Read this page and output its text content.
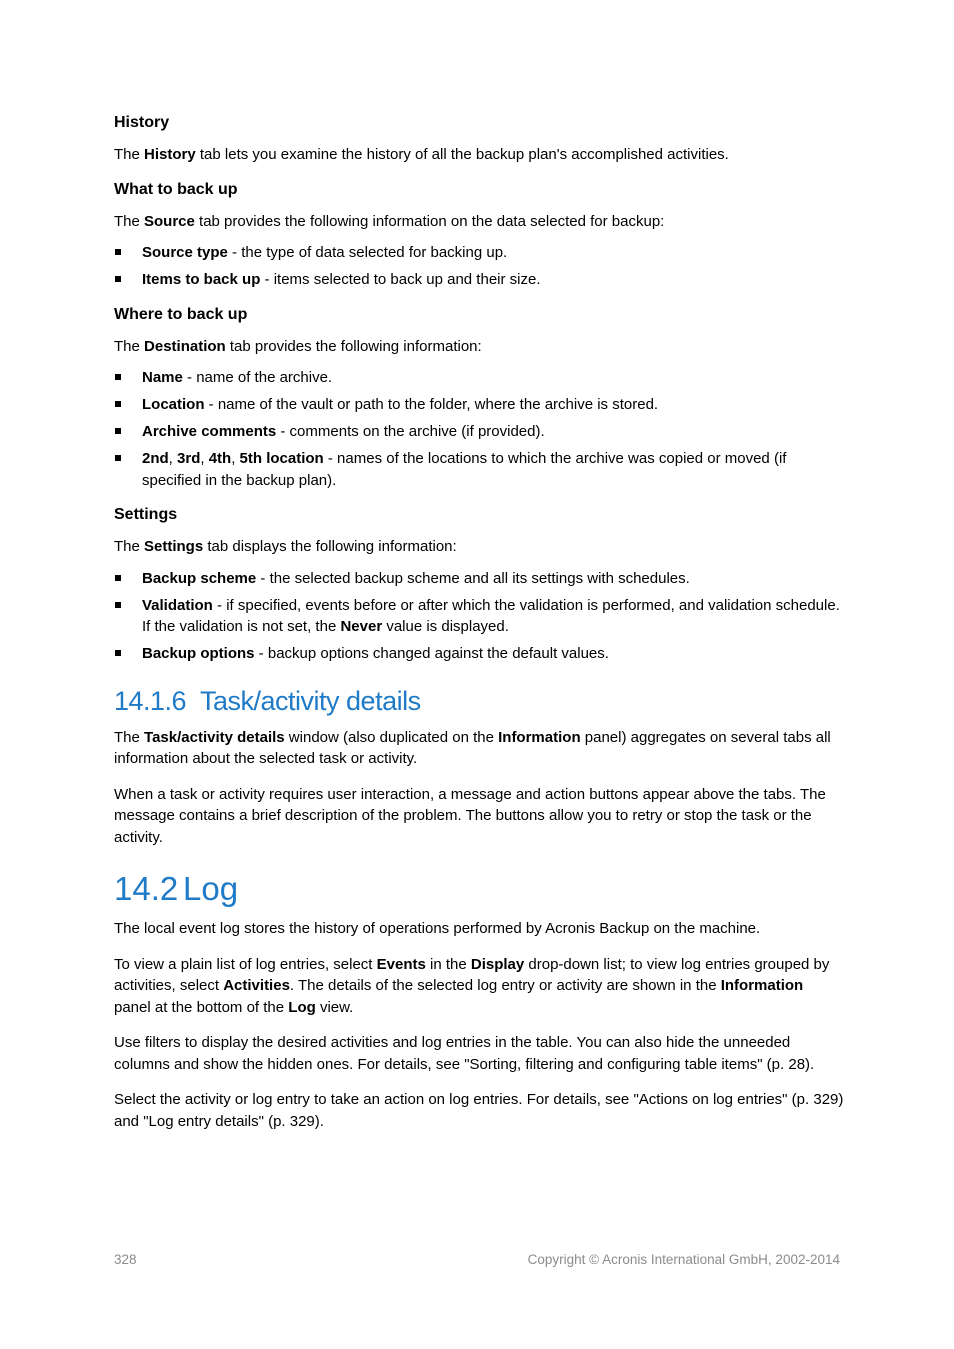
History

The History tab lets you examine the history of all the backup plan's accomplished activities.

What to back up

The Source tab provides the following information on the data selected for backup:

Source type - the type of data selected for backing up.
Items to back up - items selected to back up and their size.
Where to back up

The Destination tab provides the following information:

Name - name of the archive.
Location - name of the vault or path to the folder, where the archive is stored.
Archive comments - comments on the archive (if provided).
2nd, 3rd, 4th, 5th location - names of the locations to which the archive was copied or moved (if specified in the backup plan).
Settings

The Settings tab displays the following information:

Backup scheme - the selected backup scheme and all its settings with schedules.
Validation - if specified, events before or after which the validation is performed, and validation schedule. If the validation is not set, the Never value is displayed.
Backup options - backup options changed against the default values.
14.1.6 Task/activity details

The Task/activity details window (also duplicated on the Information panel) aggregates on several tabs all information about the selected task or activity.

When a task or activity requires user interaction, a message and action buttons appear above the tabs. The message contains a brief description of the problem. The buttons allow you to retry or stop the task or the activity.

14.2 Log

The local event log stores the history of operations performed by Acronis Backup on the machine.

To view a plain list of log entries, select Events in the Display drop-down list; to view log entries grouped by activities, select Activities. The details of the selected log entry or activity are shown in the Information panel at the bottom of the Log view.

Use filters to display the desired activities and log entries in the table. You can also hide the unneeded columns and show the hidden ones. For details, see "Sorting, filtering and configuring table items" (p. 28).

Select the activity or log entry to take an action on log entries. For details, see "Actions on log entries" (p. 329) and "Log entry details" (p. 329).

328	Copyright © Acronis International GmbH, 2002-2014
